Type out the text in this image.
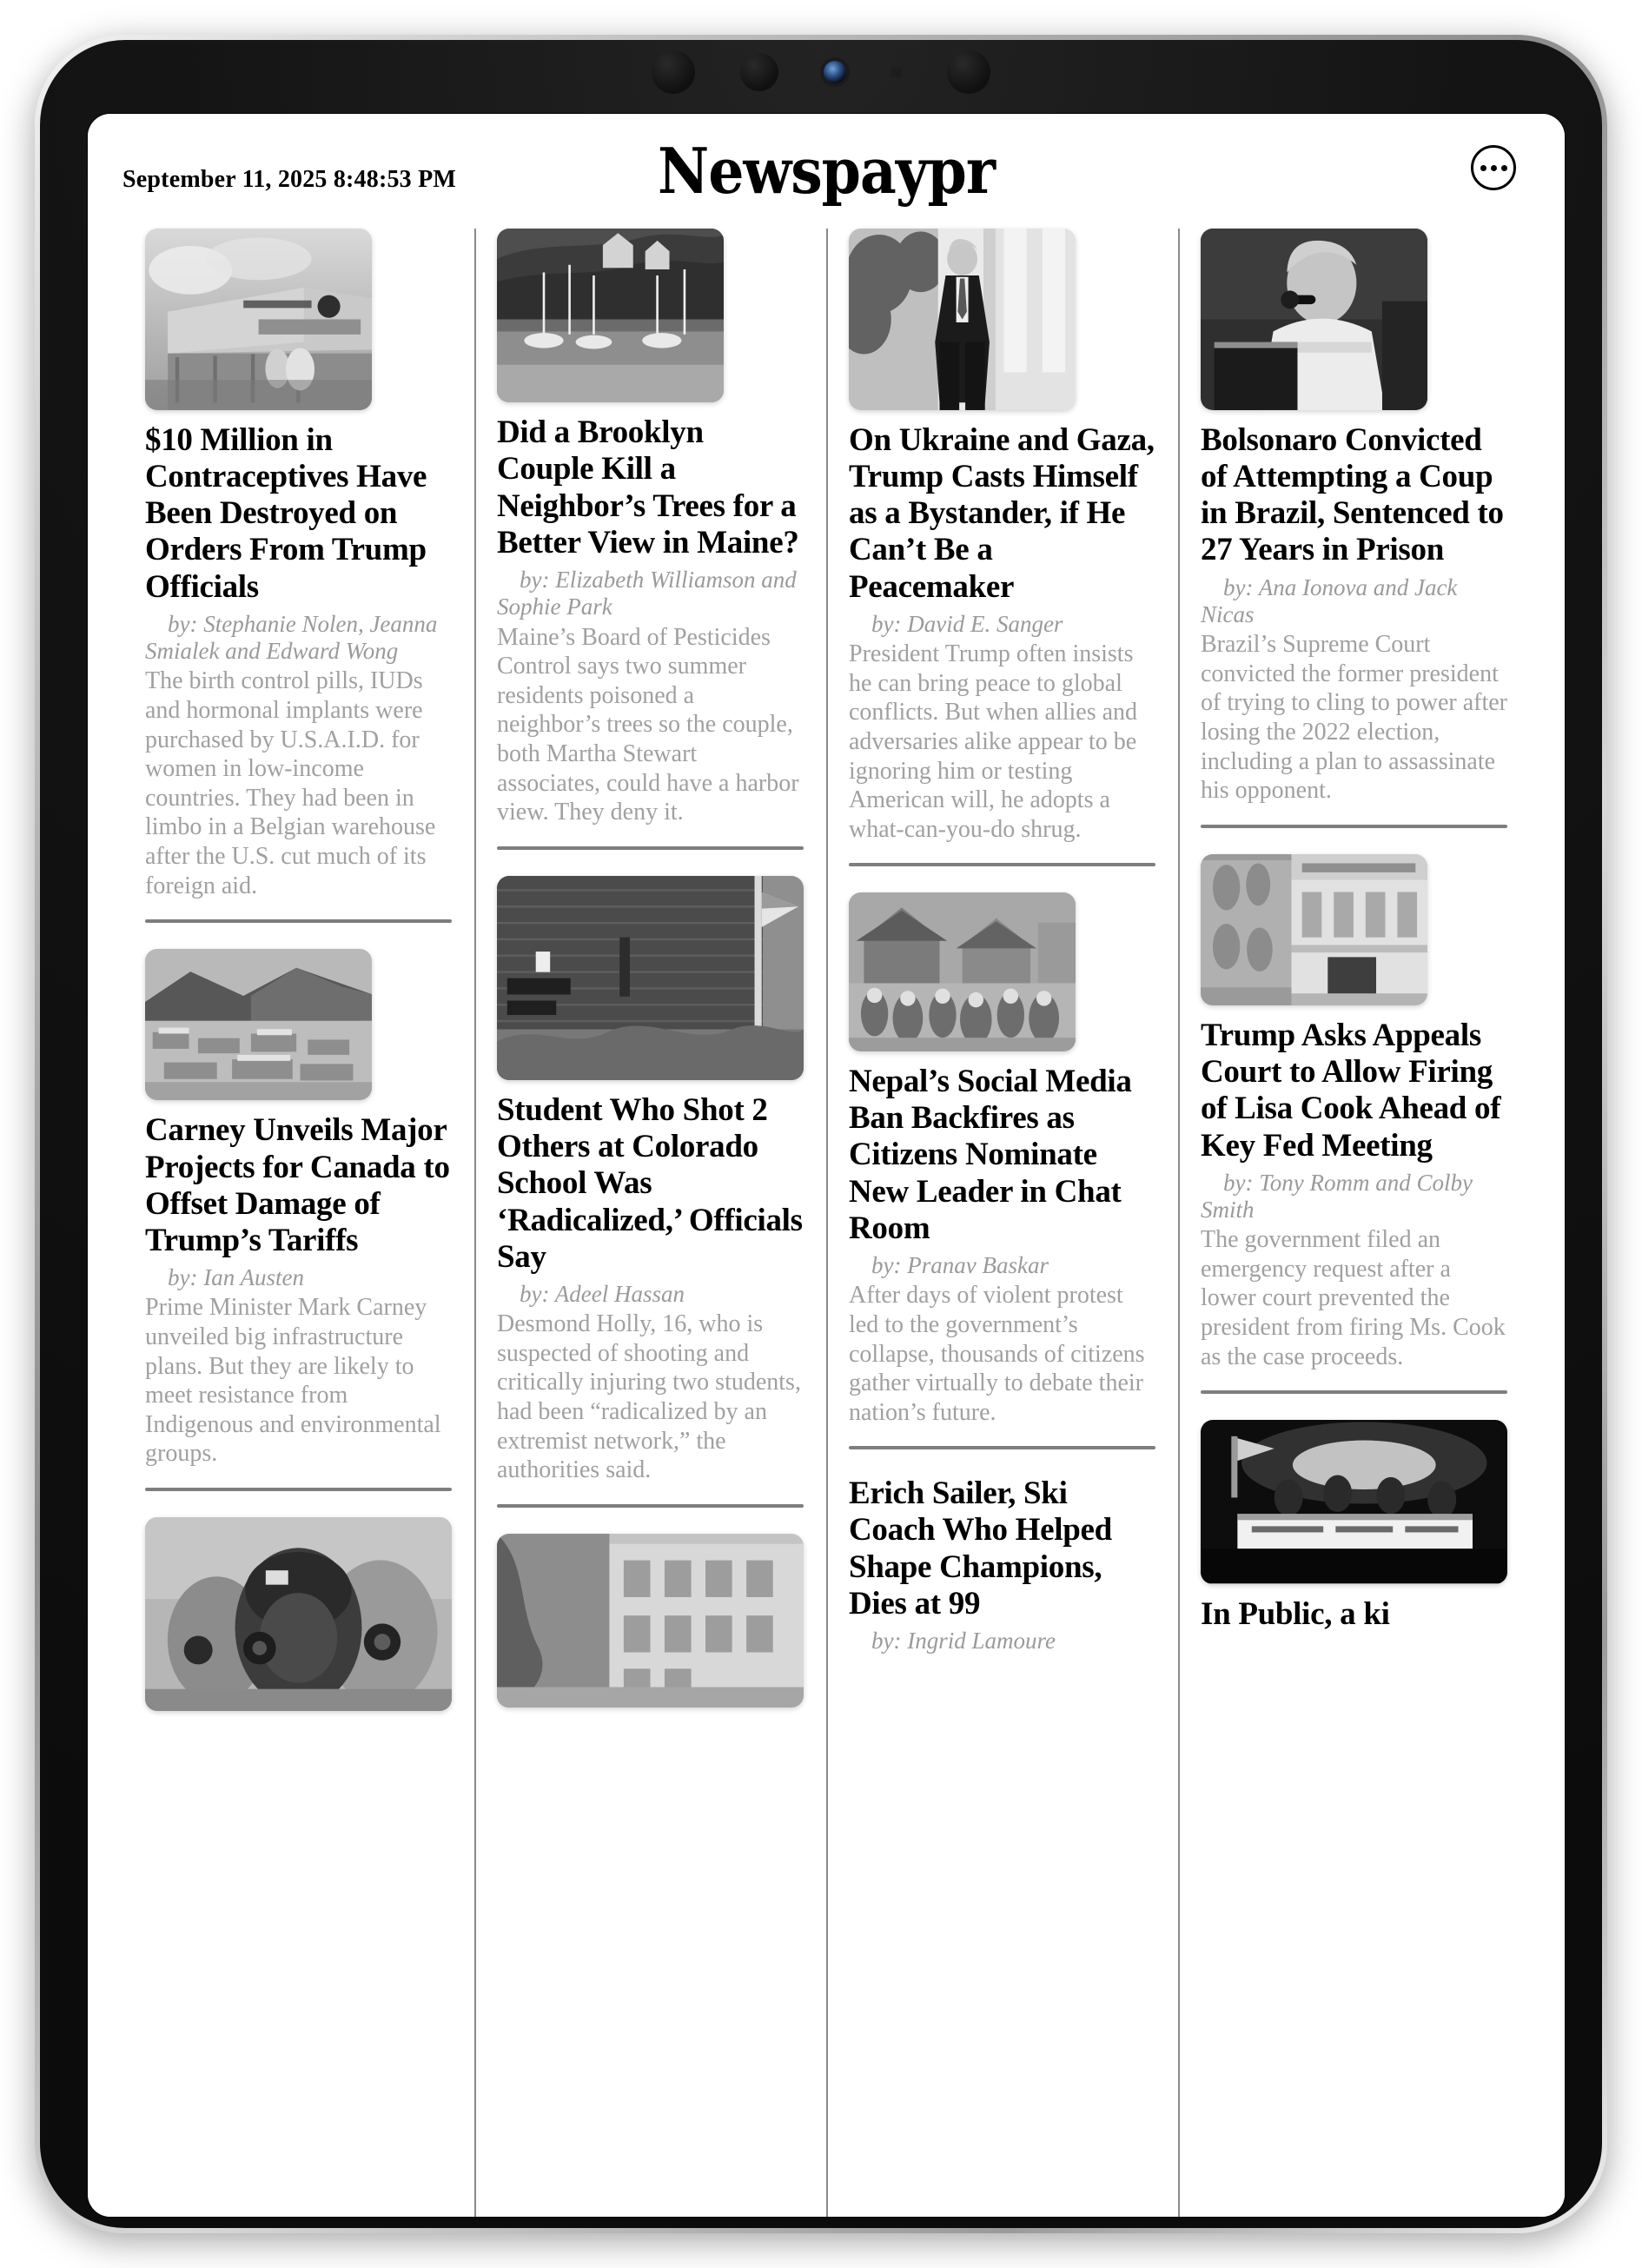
September 11, 2025 8:48:53 PM	Newspaypr
$10 Million in Contraceptives Have Been Destroyed on Orders From Trump Officials
by: Stephanie Nolen, Jeanna Smialek and Edward Wong
The birth control pills, IUDs and hormonal implants were purchased by U.S.A.I.D. for women in low-income countries. They had been in limbo in a Belgian warehouse after the U.S. cut much of its foreign aid.
Carney Unveils Major Projects for Canada to Offset Damage of Trump’s Tariffs
by: Ian Austen
Prime Minister Mark Carney unveiled big infrastructure plans. But they are likely to meet resistance from Indigenous and environmental groups.
Did a Brooklyn Couple Kill a Neighbor’s Trees for a Better View in Maine?
by: Elizabeth Williamson and Sophie Park
Maine’s Board of Pesticides Control says two summer residents poisoned a neighbor’s trees so the couple, both Martha Stewart associates, could have a harbor view. They deny it.
Student Who Shot 2 Others at Colorado School Was ‘Radicalized,’ Officials Say
by: Adeel Hassan
Desmond Holly, 16, who is suspected of shooting and critically injuring two students, had been “radicalized by an extremist network,” the authorities said.
On Ukraine and Gaza, Trump Casts Himself as a Bystander, if He Can’t Be a Peacemaker
by: David E. Sanger
President Trump often insists he can bring peace to global conflicts. But when allies and adversaries alike appear to be ignoring him or testing American will, he adopts a what-can-you-do shrug.
Nepal’s Social Media Ban Backfires as Citizens Nominate New Leader in Chat Room
by: Pranav Baskar
After days of violent protest led to the government’s collapse, thousands of citizens gather virtually to debate their nation’s future.
Erich Sailer, Ski Coach Who Helped Shape Champions, Dies at 99
by: Ingrid Lamoure
Bolsonaro Convicted of Attempting a Coup in Brazil, Sentenced to 27 Years in Prison
by: Ana Ionova and Jack Nicas
Brazil’s Supreme Court convicted the former president of trying to cling to power after losing the 2022 election, including a plan to assassinate his opponent.
Trump Asks Appeals Court to Allow Firing of Lisa Cook Ahead of Key Fed Meeting
by: Tony Romm and Colby Smith
The government filed an emergency request after a lower court prevented the president from firing Ms. Cook as the case proceeds.
In Public, a ki
